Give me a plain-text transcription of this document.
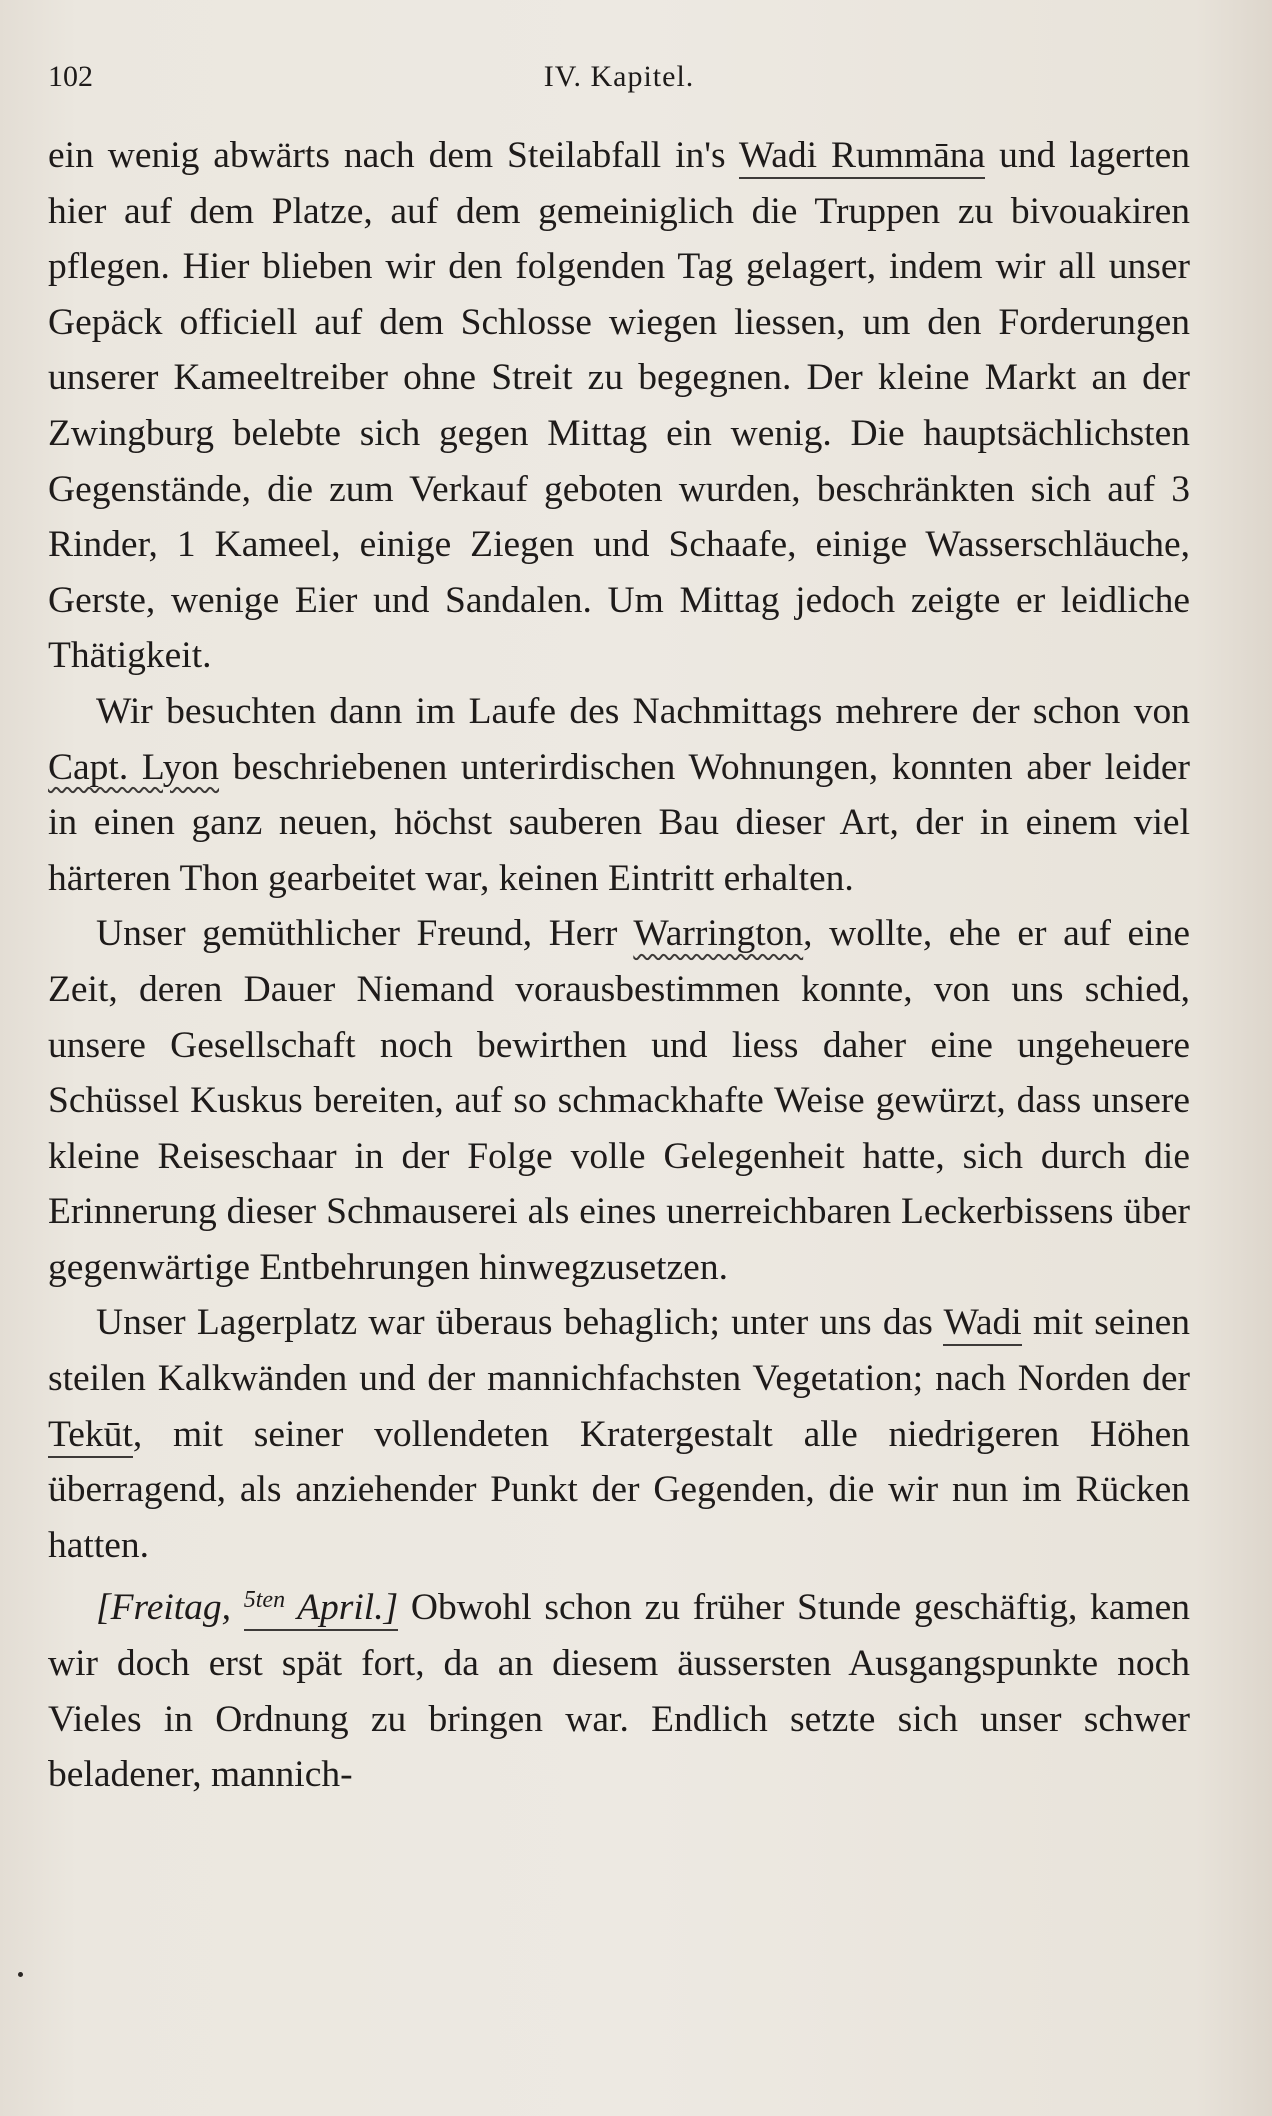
102	IV. Kapitel.

ein wenig abwärts nach dem Steilabfall in's Wadi Rummāna und lagerten hier auf dem Platze, auf dem gemeiniglich die Truppen zu bivouakiren pflegen. Hier blieben wir den folgenden Tag gelagert, indem wir all unser Gepäck officiell auf dem Schlosse wiegen liessen, um den Forderungen unserer Kameeltreiber ohne Streit zu begegnen. Der kleine Markt an der Zwingburg belebte sich gegen Mittag ein wenig. Die hauptsächlichsten Gegenstände, die zum Verkauf geboten wurden, beschränkten sich auf 3 Rinder, 1 Kameel, einige Ziegen und Schaafe, einige Wasserschläuche, Gerste, wenige Eier und Sandalen. Um Mittag jedoch zeigte er leidliche Thätigkeit.

Wir besuchten dann im Laufe des Nachmittags mehrere der schon von Capt. Lyon beschriebenen unterirdischen Wohnungen, konnten aber leider in einen ganz neuen, höchst sauberen Bau dieser Art, der in einem viel härteren Thon gearbeitet war, keinen Eintritt erhalten.

Unser gemüthlicher Freund, Herr Warrington, wollte, ehe er auf eine Zeit, deren Dauer Niemand vorausbestimmen konnte, von uns schied, unsere Gesellschaft noch bewirthen und liess daher eine ungeheuere Schüssel Kuskus bereiten, auf so schmackhafte Weise gewürzt, dass unsere kleine Reiseschaar in der Folge volle Gelegenheit hatte, sich durch die Erinnerung dieser Schmauserei als eines unerreichbaren Leckerbissens über gegenwärtige Entbehrungen hinwegzusetzen.

Unser Lagerplatz war überaus behaglich; unter uns das Wadi mit seinen steilen Kalkwänden und der mannichfachsten Vegetation; nach Norden der Tekūt, mit seiner vollendeten Kratergestalt alle niedrigeren Höhen überragend, als anziehender Punkt der Gegenden, die wir nun im Rücken hatten.

[Freitag, $^{5ten}$ April.] Obwohl schon zu früher Stunde geschäftig, kamen wir doch erst spät fort, da an diesem äussersten Ausgangspunkte noch Vieles in Ordnung zu bringen war. Endlich setzte sich unser schwer beladener, mannich-
